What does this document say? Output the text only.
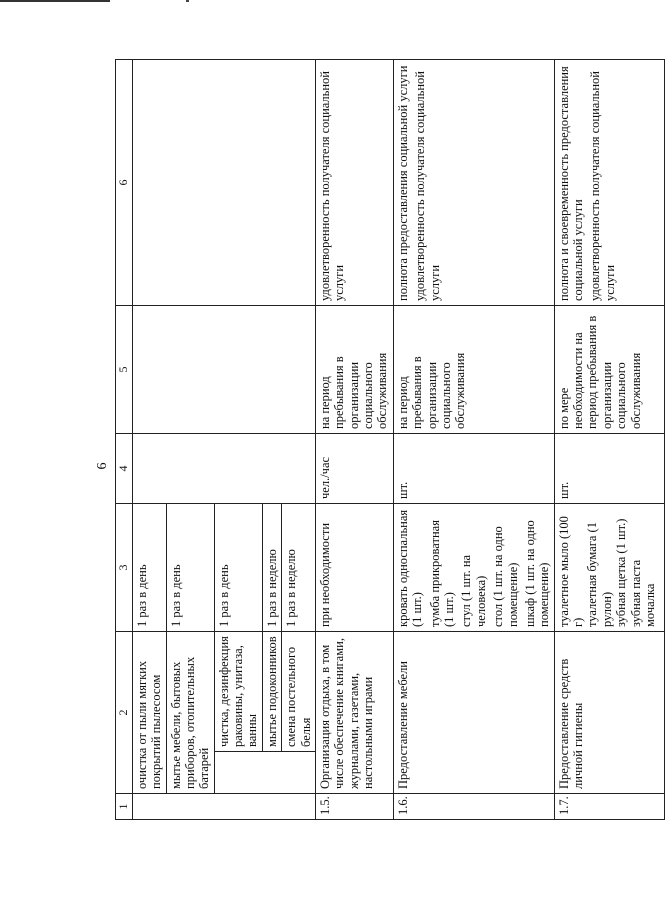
6
1	2		3	4	5	6
	очистка от пыли мягких покрытий пылесосом		1 раз в день			
	мытье мебели, бытовых приборов, отопительных батарей		1 раз в день			
		чистка, дезинфекция раковины, унитаза, ванны	1 раз в день			
		мытье подоконников	1 раз в неделю			
		смена постельного белья	1 раз в неделю			
1.5.	Организация отдыха, в том числе обеспечение книгами, журналами, газетами, настольными играми		при необходимости	чел./час	на период пребывания в организации социального обслуживания	удовлетворенность получателя социальной услуги

1.6.	Предоставление мебели		кровать односпальная (1 шт.) тумба прикроватная (1 шт.) стул (1 шт. на человека) стол (1 шт. на одно помещение) шкаф (1 шт. на одно помещение)	шт.	на период пребывания в организации социального обслуживания	полнота предоставления социальной услуги удовлетворенность получателя социальной услуги

1.7.	Предоставление средств личной гигиены		туалетное мыло (100 г) туалетная бумага (1 рулон) зубная щетка (1 шт.) зубная паста мочалка	шт.	по мере необходимости на период пребывания в организации социального обслуживания	полнота и своевременность предоставления социальной услуги удовлетворенность получателя социальной услуги
